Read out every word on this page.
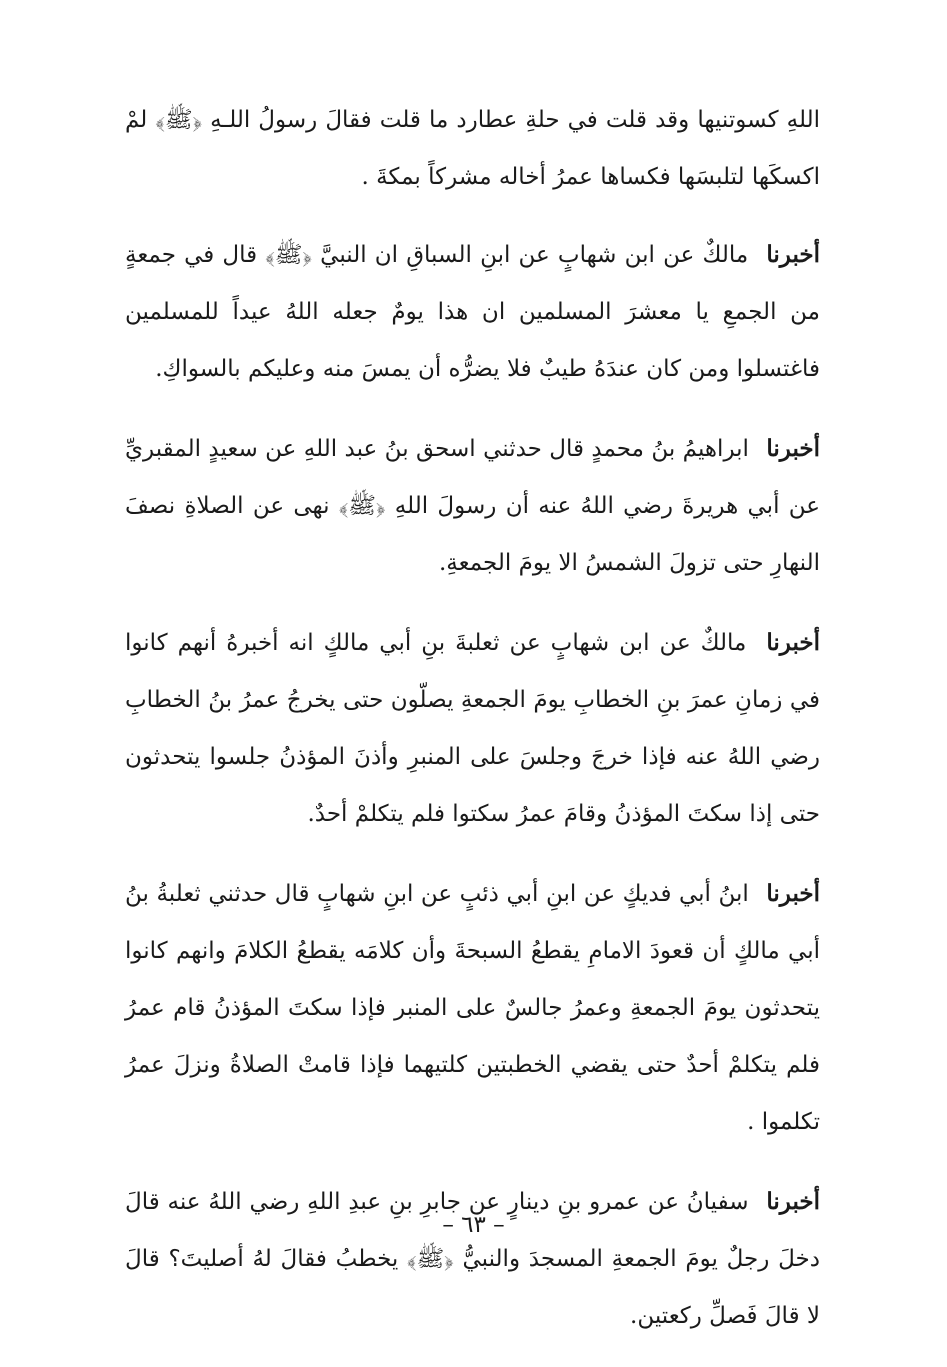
اللهِ كسوتنيها وقد قلت في حلةِ عطارد ما قلت فقالَ رسولُ اللـهِ ﴿ﷺ﴾ لمْ اكسكَها لتلبسَها فكساها عمرُ أخاله مشركاً بمكةَ .

أخبرنا مالكٌ عن ابن شهابٍ عن ابنِ السباقِ ان النبيَّ ﴿ﷺ﴾ قال في جمعةٍ من الجمعِ يا معشرَ المسلمين ان هذا يومٌ جعله اللهُ عيداً للمسلمين فاغتسلوا ومن كان عندَهُ طيبٌ فلا يضرُّه أن يمسَ منه وعليكم بالسواكِ.

أخبرنا ابراهيمُ بنُ محمدٍ قال حدثني اسحق بنُ عبد اللهِ عن سعيدٍ المقبريِّ عن أبي هريرةَ رضي اللهُ عنه أن رسولَ اللهِ ﴿ﷺ﴾ نهى عن الصلاةِ نصفَ النهارِ حتى تزولَ الشمسُ الا يومَ الجمعةِ.

أخبرنا مالكٌ عن ابن شهابٍ عن ثعلبةَ بنِ أبي مالكٍ انه أخبرهُ أنهم كانوا في زمانِ عمرَ بنِ الخطابِ يومَ الجمعةِ يصلّون حتى يخرجُ عمرُ بنُ الخطابِ رضي اللهُ عنه فإذا خرجَ وجلسَ على المنبرِ وأذنَ المؤذنُ جلسوا يتحدثون حتى إذا سكتَ المؤذنُ وقامَ عمرُ سكتوا فلم يتكلمْ أحدٌ.

أخبرنا ابنُ أبي فديكٍ عن ابنِ أبي ذئبٍ عن ابنِ شهابٍ قال حدثني ثعلبةُ بنُ أبي مالكٍ أن قعودَ الامامِ يقطعُ السبحةَ وأن كلامَه يقطعُ الكلامَ وانهم كانوا يتحدثون يومَ الجمعةِ وعمرُ جالسٌ على المنبر فإذا سكتَ المؤذنُ قام عمرُ فلم يتكلمْ أحدٌ حتى يقضي الخطبتين كلتيهما فإذا قامتْ الصلاةُ ونزلَ عمرُ تكلموا .

أخبرنا سفيانُ عن عمرو بنِ دينارٍ عن جابرِ بنِ عبدِ اللهِ رضي اللهُ عنه قالَ دخلَ رجلٌ يومَ الجمعةِ المسجدَ والنبيُّ ﴿ﷺ﴾ يخطبُ فقالَ لهُ أصليتَ؟ قالَ لا قالَ فَصلِّ ركعتين.

– ٦٣ –
